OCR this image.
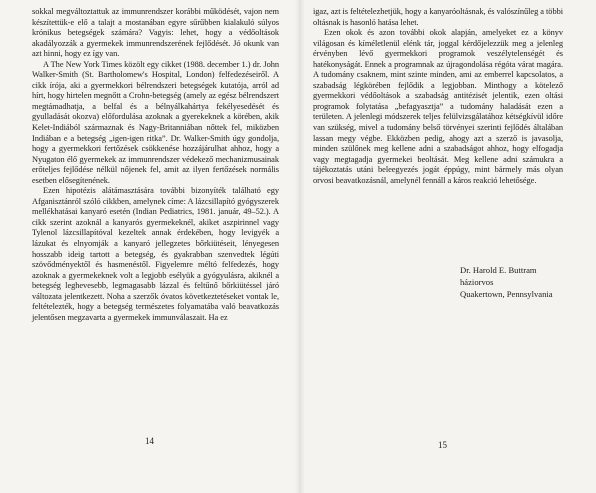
sokkal megváltoztattuk az immunrendszer korábbi működését, vajon nem készítettük-e elő a talajt a mostanában egyre sűrűbben kialakuló súlyos krónikus betegségek számára? Vagyis: lehet, hogy a védőoltások akadályozzák a gyermekek immunrendszerének fejlődését. Jó okunk van azt hinni, hogy ez így van.

A The New York Times közölt egy cikket (1988. december 1.) dr. John Walker-Smith (St. Bartholomew's Hospital, London) felfedezéseiről. A cikk írója, aki a gyermekkori bélrendszeri betegségek kutatója, arról ad hírt, hogy hirtelen megnőtt a Crohn-betegség (amely az egész bélrendszert megtámadhatja, a belfal és a bélnyálkahártya fekélyesedését és gyulladását okozva) előfordulása azoknak a gyerekeknek a körében, akik Kelet-Indiából származnak és Nagy-Britanniában nőttek fel, miközben Indiában e a betegség „igen-igen ritka”. Dr. Walker-Smith úgy gondolja, hogy a gyermekkori fertőzések csökkenése hozzájárulhat ahhoz, hogy a Nyugaton élő gyermekek az immunrendszer védekező mechanizmusainak erőteljes fejlődése nélkül nőjenek fel, amit az ilyen fertőzések normális esetben elősegítenének.

Ezen hipotézis alátámasztására további bizonyíték található egy Afganisztánról szóló cikkben, amelynek címe: A lázcsillapító gyógyszerek mellékhatásai kanyaró esetén (Indian Pediatrics, 1981. január, 49–52.). A cikk szerint azoknál a kanyarós gyermekeknél, akiket aszpirinnel vagy Tylenol lázcsillapítóval kezeltek annak érdekében, hogy levigyék a lázukat és elnyomják a kanyaró jellegzetes bőrkiütéseit, lényegesen hosszabb ideig tartott a betegség, és gyakrabban szenvedtek légúti szövődményektől és hasmenéstől. Figyelemre méltó felfedezés, hogy azoknak a gyermekeknek volt a legjobb esélyük a gyógyulásra, akiknél a betegség leghevesebb, legmagasabb lázzal és feltűnő bőrkiütéssel járó változata jelentkezett. Noha a szerzők óvatos következtetéseket vontak le, feltételezték, hogy a betegség természetes folyamatába való beavatkozás jelentősen megzavarta a gyermekek immunválaszait. Ha ez

14

igaz, azt is feltételezhetjük, hogy a kanyaróoltásnak, és valószínűleg a többi oltásnak is hasonló hatása lehet.

Ezen okok és azon további okok alapján, amelyeket ez a könyv világosan és kíméletlenül elénk tár, joggal kérdőjelezzük meg a jelenleg érvényben lévő gyermekkori programok veszélytelenségét és hatékonyságát. Ennek a programnak az újragondolása régóta várat magára. A tudomány csaknem, mint szinte minden, ami az emberrel kapcsolatos, a szabadság légkörében fejlődik a legjobban. Minthogy a kötelező gyermekkori védőoltások a szabadság antitézisét jelentik, ezen oltási programok folytatása „befagyasztja” a tudomány haladását ezen a területen. A jelenlegi módszerek teljes felülvizsgálatához kétségkívül időre van szükség, mivel a tudomány belső törvényei szerinti fejlődés általában lassan megy végbe. Ekközben pedig, ahogy azt a szerző is javasolja, minden szülőnek meg kellene adni a szabadságot ahhoz, hogy elfogadja vagy megtagadja gyermekei beoltását. Meg kellene adni számukra a tájékoztatás utáni beleegyezés jogát éppúgy, mint bármely más olyan orvosi beavatkozásnál, amelynél fennáll a káros reakció lehetősége.

Dr. Harold E. Buttram
háziorvos
Quakertown, Pennsylvania
15
